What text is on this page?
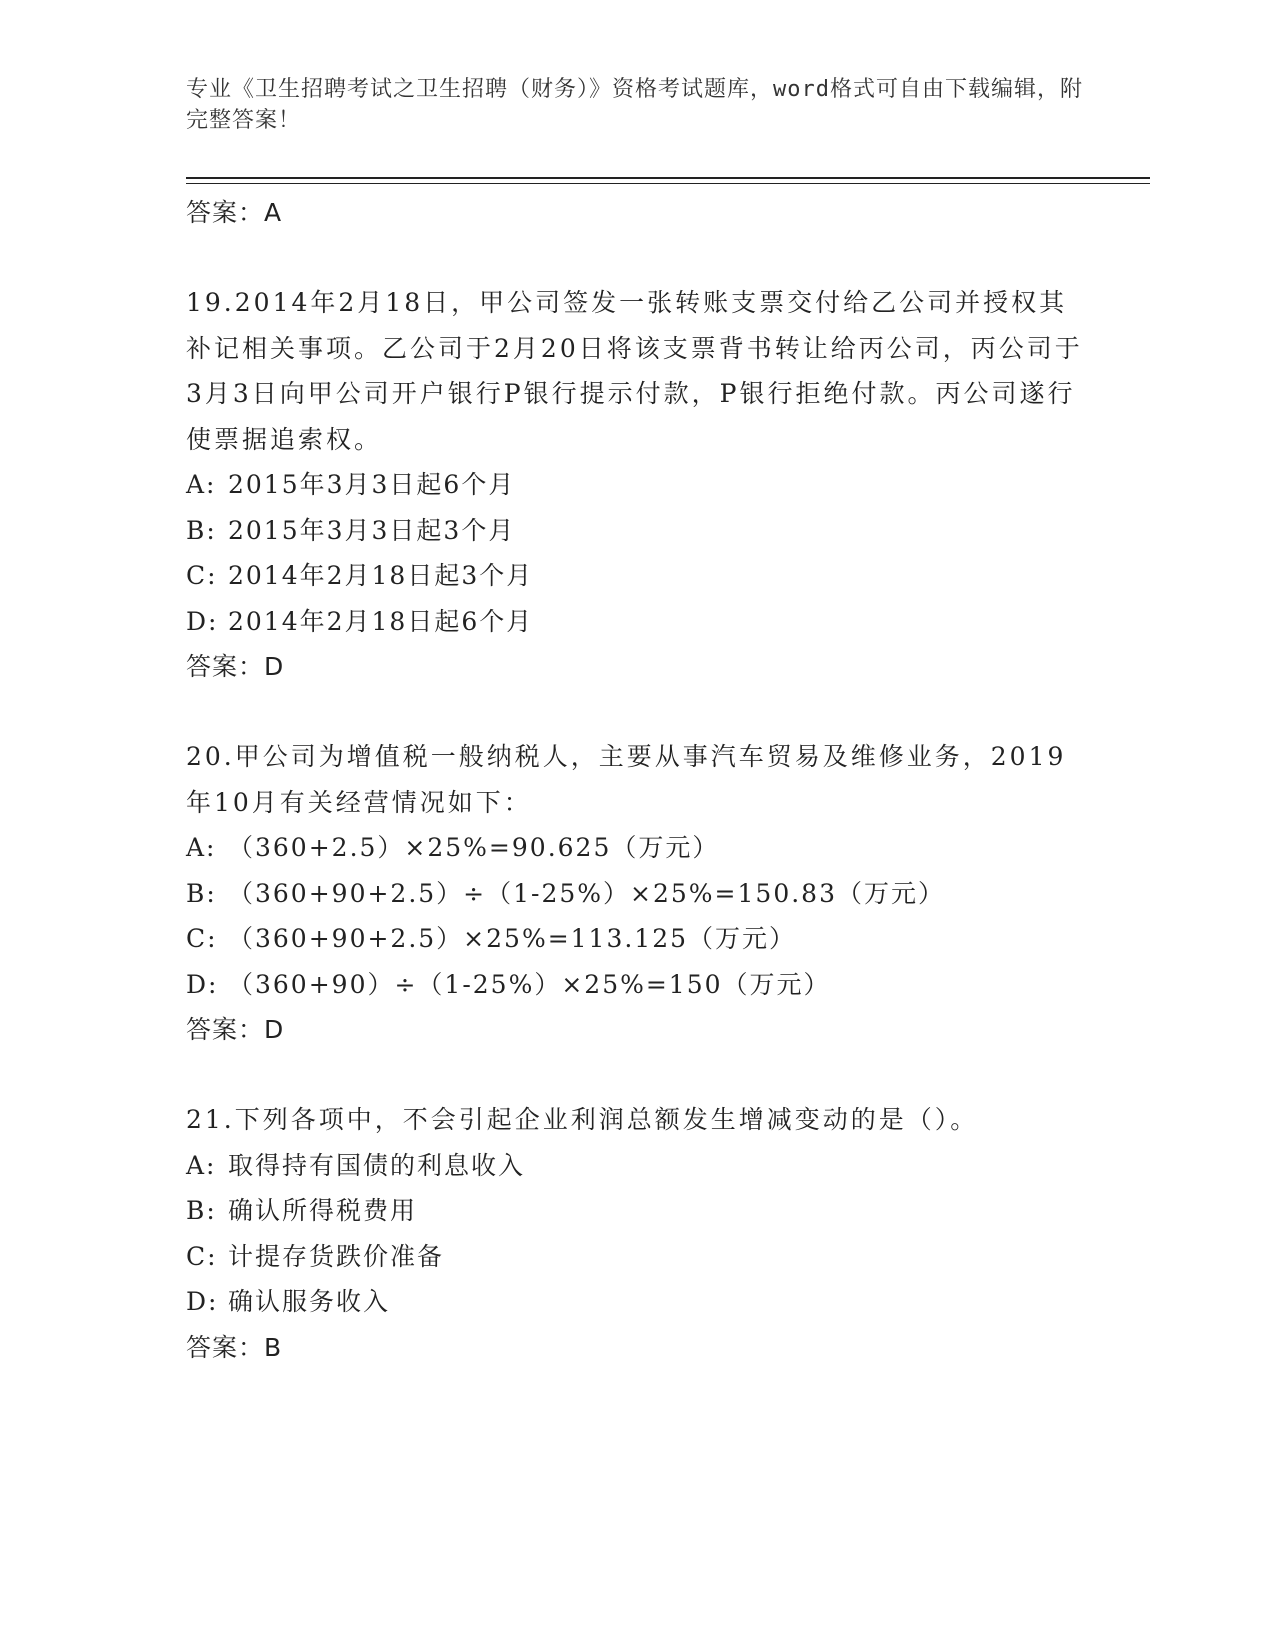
专业《卫生招聘考试之卫生招聘（财务）》资格考试题库，word格式可自由下载编辑，附完整答案！
答案：A

19.2014年2月18日，甲公司签发一张转账支票交付给乙公司并授权其补记相关事项。乙公司于2月20日将该支票背书转让给丙公司，丙公司于3月3日向甲公司开户银行P银行提示付款，P银行拒绝付款。丙公司遂行使票据追索权。

A: 2015年3月3日起6个月
B: 2015年3月3日起3个月
C: 2014年2月18日起3个月
D: 2014年2月18日起6个月
答案：D

20.甲公司为增值税一般纳税人，主要从事汽车贸易及维修业务，2019年10月有关经营情况如下：

A: （360+2.5）×25%=90.625（万元）
B: （360+90+2.5）÷（1-25%）×25%=150.83（万元）
C: （360+90+2.5）×25%=113.125（万元）
D: （360+90）÷（1-25%）×25%=150（万元）
答案：D

21.下列各项中，不会引起企业利润总额发生增减变动的是（）。

A: 取得持有国债的利息收入
B: 确认所得税费用
C: 计提存货跌价准备
D: 确认服务收入
答案：B
